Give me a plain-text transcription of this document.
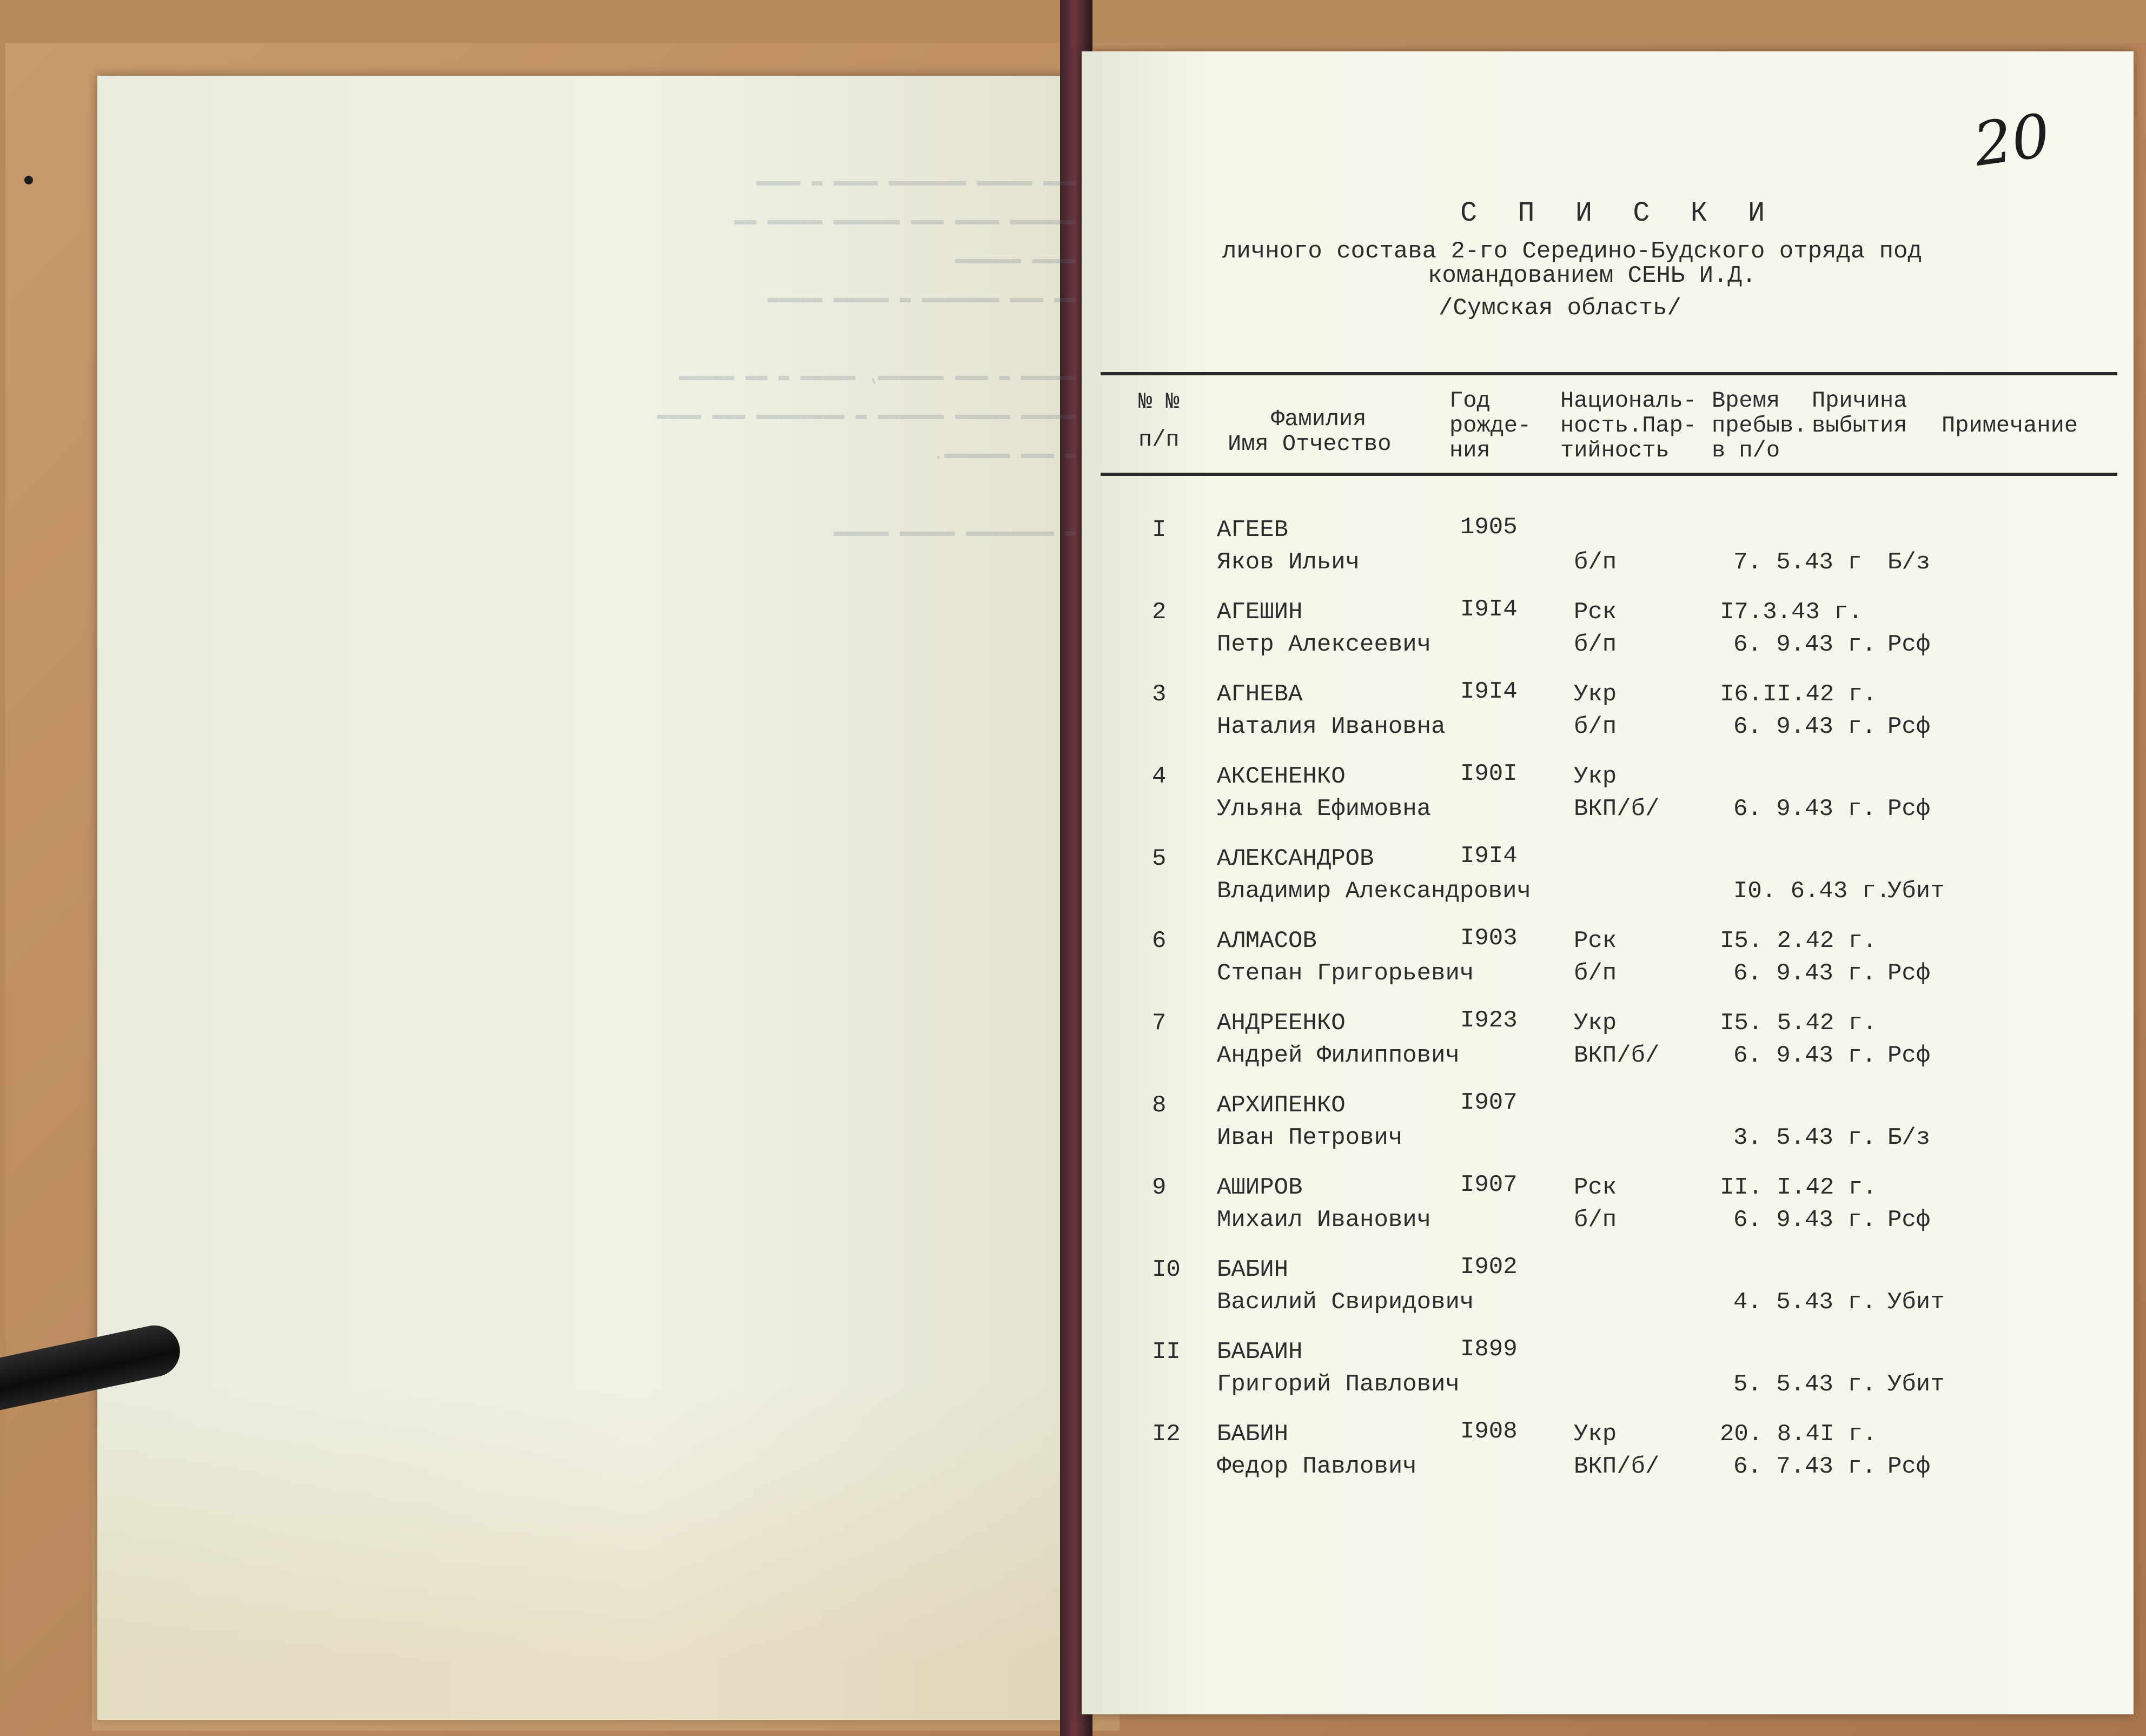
▬▬▬ ▬▬▬▬▬ ▬▬▬▬▬▬▬ ▬▬▬▬ ▬ ▬▬▬▬
▬▬▬▬▬▬ ▬▬▬▬ ▬▬▬ ▬▬▬▬▬▬ ▬▬▬▬▬ ▬▬
▬▬▬▬ ▬▬▬▬▬▬
▬▬ ▬▬▬ ▬▬▬▬▬▬▬ ▬ ▬▬▬▬▬ ▬▬▬▬▬

▬▬▬▬▬ ▬ ▬▬▬ ▬▬▬▬▬▬, ▬▬▬▬▬ ▬ ▬▬ ▬▬▬▬▬
▬▬▬▬▬ ▬▬▬▬▬ ▬▬▬▬▬▬ ▬ ▬▬▬▬▬▬▬▬ ▬▬▬ ▬▬▬▬
▬ ▬▬▬ ▬▬▬▬▬▬.

▬ ▬▬▬▬▬▬▬▬ ▬▬▬▬▬ ▬▬▬▬▬
20
С П И С К И
личного состава 2-го Середино-Будского отряда под
командованием СЕНЬ И.Д.
/Сумская область/
№ №
п/п
Фамилия
Имя Отчество
Год
рожде-
ния
Националь-
ность.Пар-
тийность
Время
пребыв.
в п/о
Причина
выбытия Примечание
I АГЕЕВ
Яков Ильич
1905
б/п	7. 5.43 г Б/з
2 АГЕШИН
Петр Алексеевич
I9I4 Рск
б/п
I7.3.43 г.
6. 9.43 г. Рсф
3 АГНЕВА
Наталия Ивановна
I9I4 Укр
б/п
I6.II.42 г.
6. 9.43 г. Рсф
4 АКСЕНЕНКО
Ульяна Ефимовна
I90I Укр
ВКП/б/	6. 9.43 г. Рсф
5 АЛЕКСАНДРОВ
Владимир Александрович
I9I4
I0. 6.43 г.
Убит
6 АЛМАСОВ
Степан Григорьевич
I903 Рск
б/п
I5. 2.42 г.
6. 9.43 г. Рсф
7 АНДРЕЕНКО
Андрей Филиппович
I923 Укр
ВКП/б/
I5. 5.42 г.
6. 9.43 г. Рсф
8 АРХИПЕНКО
Иван Петрович
I907
3. 5.43 г. Б/з
9 АШИРОВ
Михаил Иванович
I907 Рск
б/п
II. I.42 г.
6. 9.43 г. Рсф
I0 БАБИН
Василий Свиридович
I902
4. 5.43 г. Убит
II БАБАИН
Григорий Павлович
I899
5. 5.43 г. Убит
I2 БАБИН
Федор Павлович
I908 Укр
ВКП/б/
20. 8.4I г.
6. 7.43 г. Рсф
